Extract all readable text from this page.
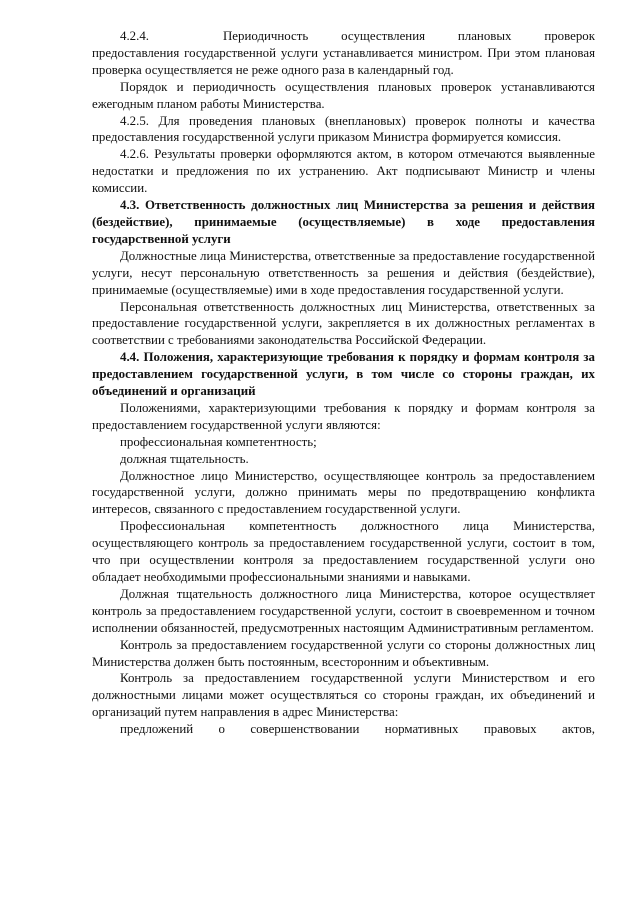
4.2.4.	Периодичность осуществления плановых проверок предоставления государственной услуги устанавливается министром. При этом плановая проверка осуществляется не реже одного раза в календарный год.

Порядок и периодичность осуществления плановых проверок устанавливаются ежегодным планом работы Министерства.

4.2.5. Для проведения плановых (внеплановых) проверок полноты и качества предоставления государственной услуги приказом Министра формируется комиссия.

4.2.6. Результаты проверки оформляются актом, в котором отмечаются выявленные недостатки и предложения по их устранению. Акт подписывают Министр и члены комиссии.

4.3. Ответственность должностных лиц Министерства за решения и действия (бездействие), принимаемые (осуществляемые) в ходе предоставления государственной услуги

Должностные лица Министерства, ответственные за предоставление государственной услуги, несут персональную ответственность за решения и действия (бездействие), принимаемые (осуществляемые) ими в ходе предоставления государственной услуги.

Персональная ответственность должностных лиц Министерства, ответственных за предоставление государственной услуги, закрепляется в их должностных регламентах в соответствии с требованиями законодательства Российской Федерации.

4.4. Положения, характеризующие требования к порядку и формам контроля за предоставлением государственной услуги, в том числе со стороны граждан, их объединений и организаций

Положениями, характеризующими требования к порядку и формам контроля за предоставлением государственной услуги являются:

профессиональная компетентность;

должная тщательность.

Должностное лицо Министерство, осуществляющее контроль за предоставлением государственной услуги, должно принимать меры по предотвращению конфликта интересов, связанного с предоставлением государственной услуги.

Профессиональная компетентность должностного лица Министерства, осуществляющего контроль за предоставлением государственной услуги, состоит в том, что при осуществлении контроля за предоставлением государственной услуги оно обладает необходимыми профессиональными знаниями и навыками.

Должная тщательность должностного лица Министерства, которое осуществляет контроль за предоставлением государственной услуги, состоит в своевременном и точном исполнении обязанностей, предусмотренных настоящим Административным регламентом.

Контроль за предоставлением государственной услуги со стороны должностных лиц Министерства должен быть постоянным, всесторонним и объективным.

Контроль за предоставлением государственной услуги Министерством и его должностными лицами может осуществляться со стороны граждан, их объединений и организаций путем направления в адрес Министерства:

предложений о совершенствовании нормативных правовых актов,
